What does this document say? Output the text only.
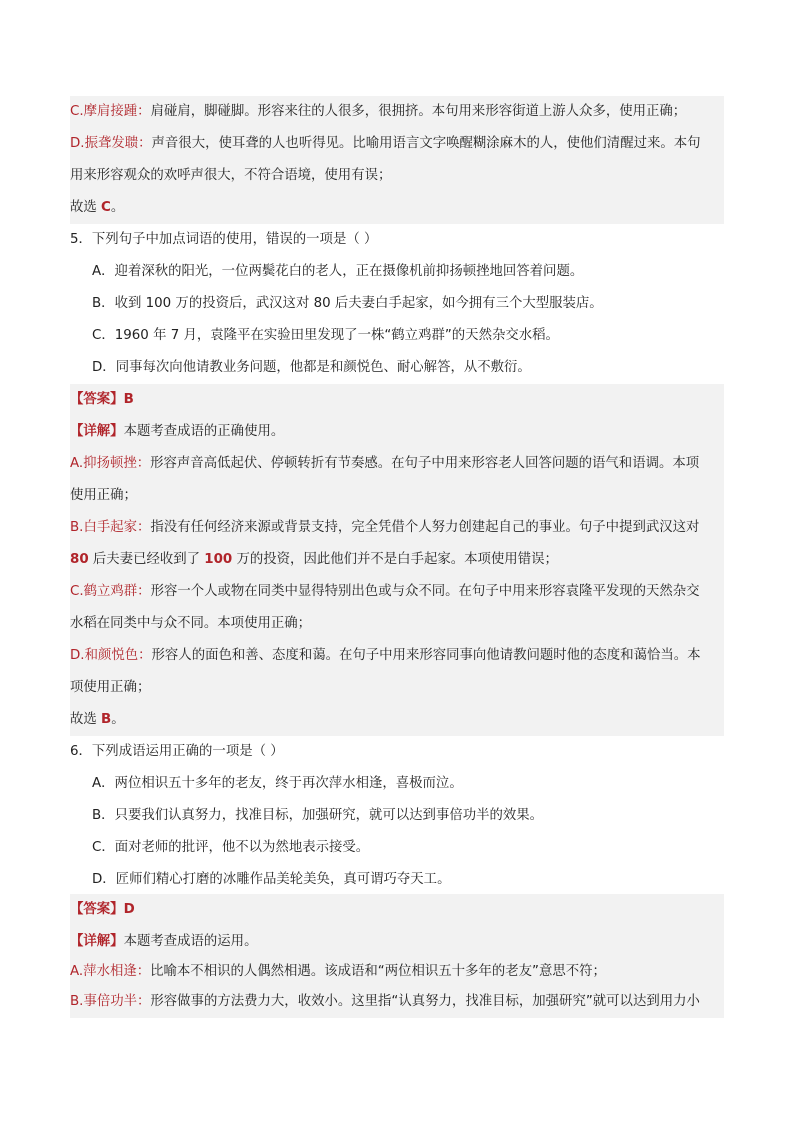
C.摩肩接踵：肩碰肩，脚碰脚。形容来往的人很多，很拥挤。本句用来形容街道上游人众多，使用正确；
D.振聋发聩：声音很大，使耳聋的人也听得见。比喻用语言文字唤醒糊涂麻木的人，使他们清醒过来。本句
用来形容观众的欢呼声很大，不符合语境，使用有误；
故选 C。
5．下列句子中加点词语的使用，错误的一项是（ ）
A．迎着深秋的阳光，一位两鬓花白的老人，正在摄像机前抑扬顿挫地回答着问题。
B．收到 100 万的投资后，武汉这对 80 后夫妻白手起家，如今拥有三个大型服装店。
C．1960 年 7 月，袁隆平在实验田里发现了一株“鹤立鸡群”的天然杂交水稻。
D．同事每次向他请教业务问题，他都是和颜悦色、耐心解答，从不敷衍。
【答案】B
【详解】本题考查成语的正确使用。
A.抑扬顿挫：形容声音高低起伏、停顿转折有节奏感。在句子中用来形容老人回答问题的语气和语调。本项
使用正确；
B.白手起家：指没有任何经济来源或背景支持，完全凭借个人努力创建起自己的事业。句子中提到武汉这对
80 后夫妻已经收到了 100 万的投资，因此他们并不是白手起家。本项使用错误；
C.鹤立鸡群：形容一个人或物在同类中显得特别出色或与众不同。在句子中用来形容袁隆平发现的天然杂交
水稻在同类中与众不同。本项使用正确；
D.和颜悦色：形容人的面色和善、态度和蔼。在句子中用来形容同事向他请教问题时他的态度和蔼恰当。本
项使用正确；
故选 B。
6．下列成语运用正确的一项是（ ）
A．两位相识五十多年的老友，终于再次萍水相逢，喜极而泣。
B．只要我们认真努力，找准目标，加强研究，就可以达到事倍功半的效果。
C．面对老师的批评，他不以为然地表示接受。
D．匠师们精心打磨的冰雕作品美轮美奂，真可谓巧夺天工。
【答案】D
【详解】本题考查成语的运用。
A.萍水相逢：比喻本不相识的人偶然相遇。该成语和“两位相识五十多年的老友”意思不符；
B.事倍功半：形容做事的方法费力大，收效小。这里指“认真努力，找准目标，加强研究”就可以达到用力小
